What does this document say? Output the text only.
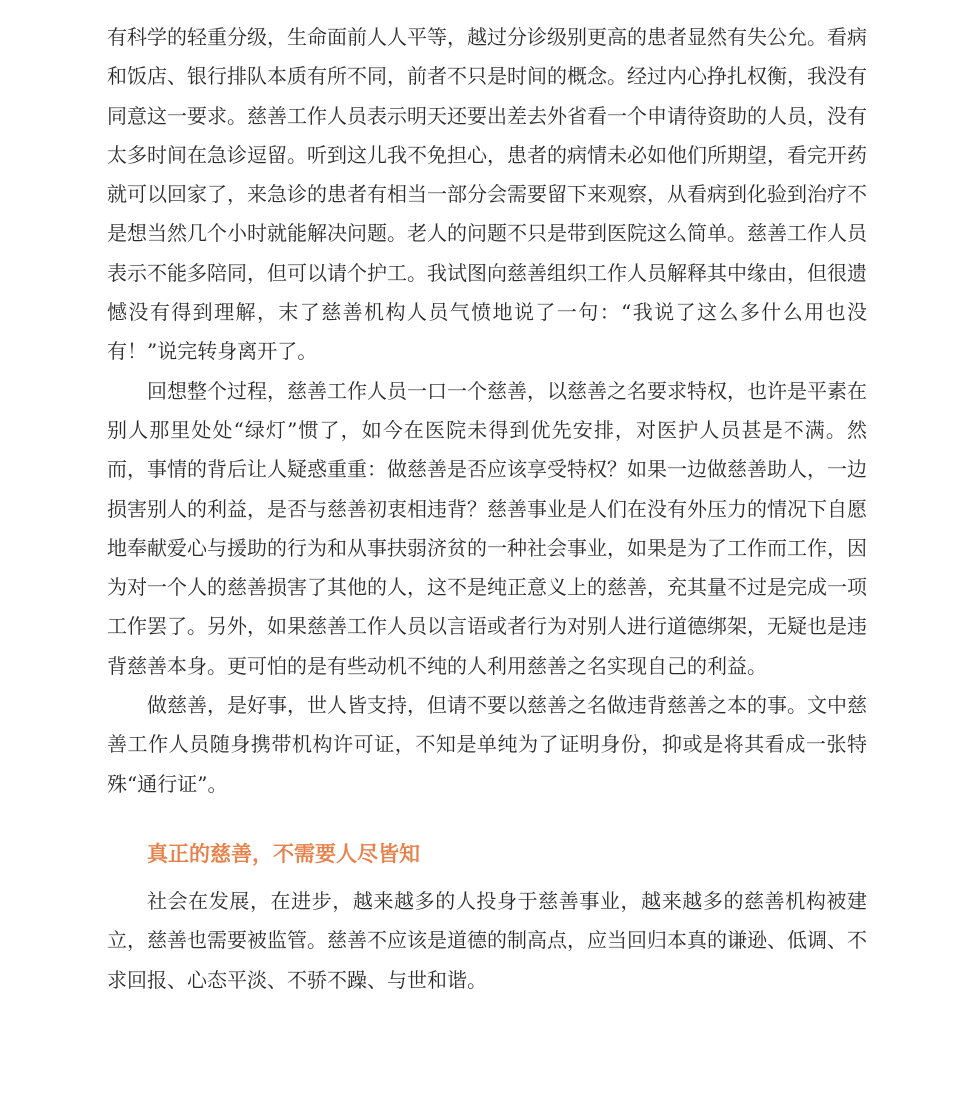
有科学的轻重分级，生命面前人人平等，越过分诊级别更高的患者显然有失公允。看病和饭店、银行排队本质有所不同，前者不只是时间的概念。经过内心挣扎权衡，我没有同意这一要求。慈善工作人员表示明天还要出差去外省看一个申请待资助的人员，没有太多时间在急诊逗留。听到这儿我不免担心，患者的病情未必如他们所期望，看完开药就可以回家了，来急诊的患者有相当一部分会需要留下来观察，从看病到化验到治疗不是想当然几个小时就能解决问题。老人的问题不只是带到医院这么简单。慈善工作人员表示不能多陪同，但可以请个护工。我试图向慈善组织工作人员解释其中缘由，但很遗憾没有得到理解，末了慈善机构人员气愤地说了一句：“我说了这么多什么用也没有！”说完转身离开了。

回想整个过程，慈善工作人员一口一个慈善，以慈善之名要求特权，也许是平素在别人那里处处“绿灯”惯了，如今在医院未得到优先安排，对医护人员甚是不满。然而，事情的背后让人疑惑重重：做慈善是否应该享受特权？如果一边做慈善助人，一边损害别人的利益，是否与慈善初衷相违背？慈善事业是人们在没有外压力的情况下自愿地奉献爱心与援助的行为和从事扶弱济贫的一种社会事业，如果是为了工作而工作，因为对一个人的慈善损害了其他的人，这不是纯正意义上的慈善，充其量不过是完成一项工作罢了。另外，如果慈善工作人员以言语或者行为对别人进行道德绑架，无疑也是违背慈善本身。更可怕的是有些动机不纯的人利用慈善之名实现自己的利益。

做慈善，是好事，世人皆支持，但请不要以慈善之名做违背慈善之本的事。文中慈善工作人员随身携带机构许可证，不知是单纯为了证明身份，抑或是将其看成一张特殊“通行证”。

真正的慈善，不需要人尽皆知

社会在发展，在进步，越来越多的人投身于慈善事业，越来越多的慈善机构被建立，慈善也需要被监管。慈善不应该是道德的制高点，应当回归本真的谦逊、低调、不求回报、心态平淡、不骄不躁、与世和谐。
